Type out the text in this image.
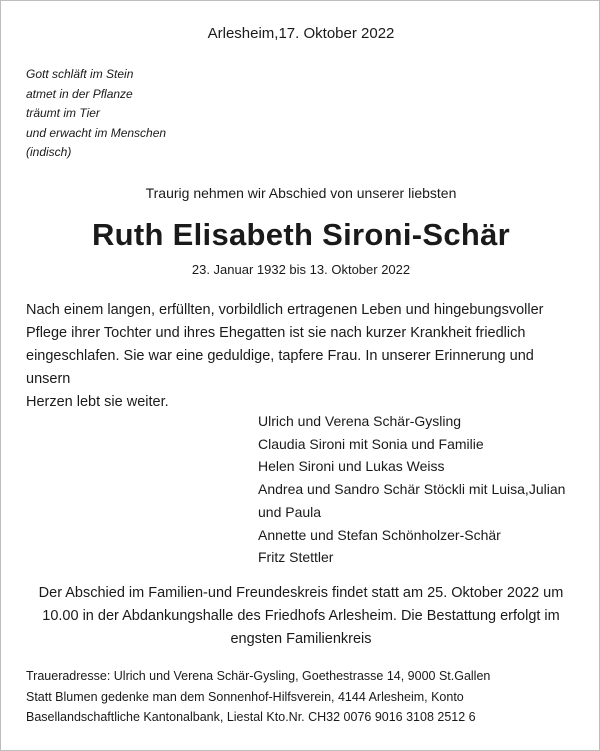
Arlesheim,17. Oktober 2022
Gott schläft im Stein
atmet in der Pflanze
träumt im Tier
und erwacht im Menschen
(indisch)
Traurig nehmen wir Abschied von unserer liebsten
Ruth Elisabeth Sironi-Schär
23. Januar 1932 bis 13. Oktober 2022

Nach einem langen, erfüllten, vorbildlich ertragenen Leben und hingebungsvoller

Pflege ihrer Tochter und ihres Ehegatten ist sie nach kurzer Krankheit friedlich

eingeschlafen. Sie war eine geduldige, tapfere Frau. In unserer Erinnerung und unsern

Herzen lebt sie weiter.

Ulrich und Verena Schär-Gysling
Claudia Sironi mit Sonia und Familie
Helen Sironi und Lukas Weiss
Andrea und Sandro Schär Stöckli mit Luisa,Julian
und Paula
Annette und Stefan Schönholzer-Schär
Fritz Stettler

Der Abschied im Familien-und Freundeskreis findet statt am 25. Oktober 2022 um

10.00 in der Abdankungshalle des Friedhofs Arlesheim. Die Bestattung erfolgt im

engsten Familienkreis

Traueradresse: Ulrich und Verena Schär-Gysling, Goethestrasse 14, 9000 St.Gallen
Statt Blumen gedenke man dem Sonnenhof-Hilfsverein, 4144 Arlesheim, Konto
Basellandschaftliche Kantonalbank, Liestal Kto.Nr. CH32 0076 9016 3108 2512 6
